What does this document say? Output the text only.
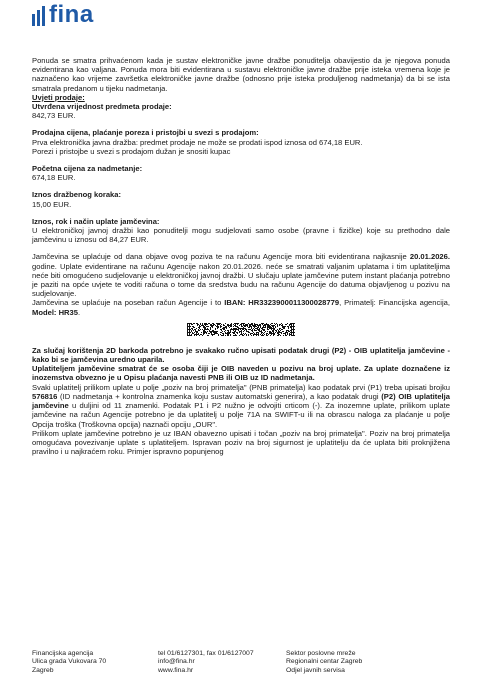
fina

Ponuda se smatra prihvaćenom kada je sustav elektroničke javne dražbe ponuditelja obavijestio da je njegova ponuda evidentirana kao valjana. Ponuda mora biti evidentirana u sustavu elektroničke javne dražbe prije isteka vremena koje je naznačeno kao vrijeme završetka elektroničke javne dražbe (odnosno prije isteka produljenog nadmetanja) da bi se ista smatrala predanom u tijeku nadmetanja.

Uvjeti prodaje:

Utvrđena vrijednost predmeta prodaje:

842,73 EUR.

Prodajna cijena, plaćanje poreza i pristojbi u svezi s prodajom:

Prva elektronička javna dražba: predmet prodaje ne može se prodati ispod iznosa od 674,18 EUR.

Porezi i pristojbe u svezi s prodajom dužan je snositi kupac

Početna cijena za nadmetanje:

674,18 EUR.

Iznos dražbenog koraka:

15,00 EUR.

Iznos, rok i način uplate jamčevina:

U elektroničkoj javnoj dražbi kao ponuditelji mogu sudjelovati samo osobe (pravne i fizičke) koje su prethodno dale jamčevinu u iznosu od 84,27 EUR.

Jamčevina se uplaćuje od dana objave ovog poziva te na računu Agencije mora biti evidentirana najkasnije 20.01.2026. godine. Uplate evidentirane na računu Agencije nakon 20.01.2026. neće se smatrati valjanim uplatama i tim uplatiteljima neće biti omogućeno sudjelovanje u elektroničkoj javnoj dražbi. U slučaju uplate jamčevine putem instant plaćanja potrebno je paziti na opće uvjete te voditi računa o tome da sredstva budu na računu Agencije do datuma objavljenog u pozivu na sudjelovanje.

Jamčevina se uplaćuje na poseban račun Agencije i to IBAN: HR3323900011300028779, Primatelj: Financijska agencija, Model: HR35.

Za slučaj korištenja 2D barkoda potrebno je svakako ručno upisati podatak drugi (P2) - OIB uplatitelja jamčevine - kako bi se jamčevina uredno uparila.

Uplatiteljem jamčevine smatrat će se osoba čiji je OIB naveden u pozivu na broj uplate. Za uplate doznačene iz inozemstva obvezno je u Opisu plaćanja navesti PNB ili OIB uz ID nadmetanja.

Svaki uplatitelj prilikom uplate u polje „poziv na broj primatelja" (PNB primatelja) kao podatak prvi (P1) treba upisati brojku 576816 (ID nadmetanja + kontrolna znamenka koju sustav automatski generira), a kao podatak drugi (P2) OIB uplatitelja jamčevine u duljini od 11 znamenki. Podatak P1 i P2 nužno je odvojiti crticom (-). Za inozemne uplate, prilikom uplate jamčevine na račun Agencije potrebno je da uplatitelj u polje 71A na SWIFT-u ili na obrascu naloga za plaćanje u polje Opcija troška (Troškovna opcija) naznači opciju „OUR".

Prilikom uplate jamčevine potrebno je uz IBAN obavezno upisati i točan „poziv na broj primatelja". Poziv na broj primatelja omogućava povezivanje uplate s uplatiteljem. Ispravan poziv na broj sigurnost je uplatitelju da će uplata biti proknjižena pravilno i u najkraćem roku. Primjer ispravno popunjenog

Financijska agencija
Ulica grada Vukovara 70
Zagreb
tel 01/6127301, fax 01/6127007
info@fina.hr
www.fina.hr
Sektor poslovne mreže
Regionalni centar Zagreb
Odjel javnih servisa
